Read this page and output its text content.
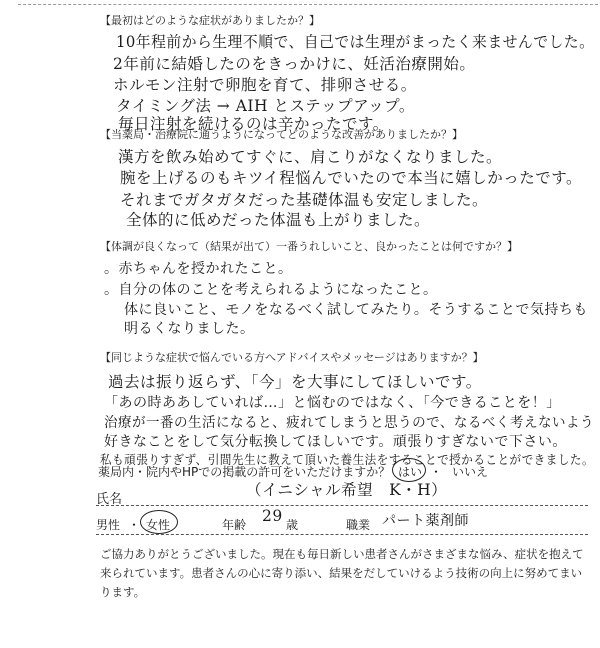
【最初はどのような症状がありましたか？】
10年程前から生理不順で、自己では生理がまったく来ませんでした。
2年前に結婚したのをきっかけに、妊活治療開始。
ホルモン注射で卵胞を育て、排卵させる。
タイミング法 → AIH とステップアップ。
毎日注射を続けるのは辛かったです。
【当薬局・治療院に通うようになってどのような改善がありましたか？】
漢方を飲み始めてすぐに、肩こりがなくなりました。
腕を上げるのもキツイ程悩んでいたので本当に嬉しかったです。
それまでガタガタだった基礎体温も安定しました。
全体的に低めだった体温も上がりました。
【体調が良くなって（結果が出て）一番うれしいこと、良かったことは何ですか？】
。赤ちゃんを授かれたこと。
。自分の体のことを考えられるようになったこと。
体に良いこと、モノをなるべく試してみたり。そうすることで気持ちも
明るくなりました。
【同じような症状で悩んでいる方へアドバイスやメッセージはありますか？】
過去は振り返らず、「今」を大事にしてほしいです。
「あの時ああしていれば…」と悩むのではなく、「今できることを！」
治療が一番の生活になると、疲れてしまうと思うので、なるべく考えないよう
好きなことをして気分転換してほしいです。頑張りすぎないで下さい。
私も頑張りすぎず、引間先生に教えて頂いた養生法をすることで授かることができました。
薬局内・院内やHPでの掲載の許可をいただけますか？ はい ・ いいえ
氏名
（イニシャル希望　K・H）
男性 ・ 女性	年齢 29 歳	職業 パート薬剤師
ご協力ありがとうございました。現在も毎日新しい患者さんがさまざまな悩み、症状を抱えて来られています。患者さんの心に寄り添い、結果をだしていけるよう技術の向上に努めてまいります。
